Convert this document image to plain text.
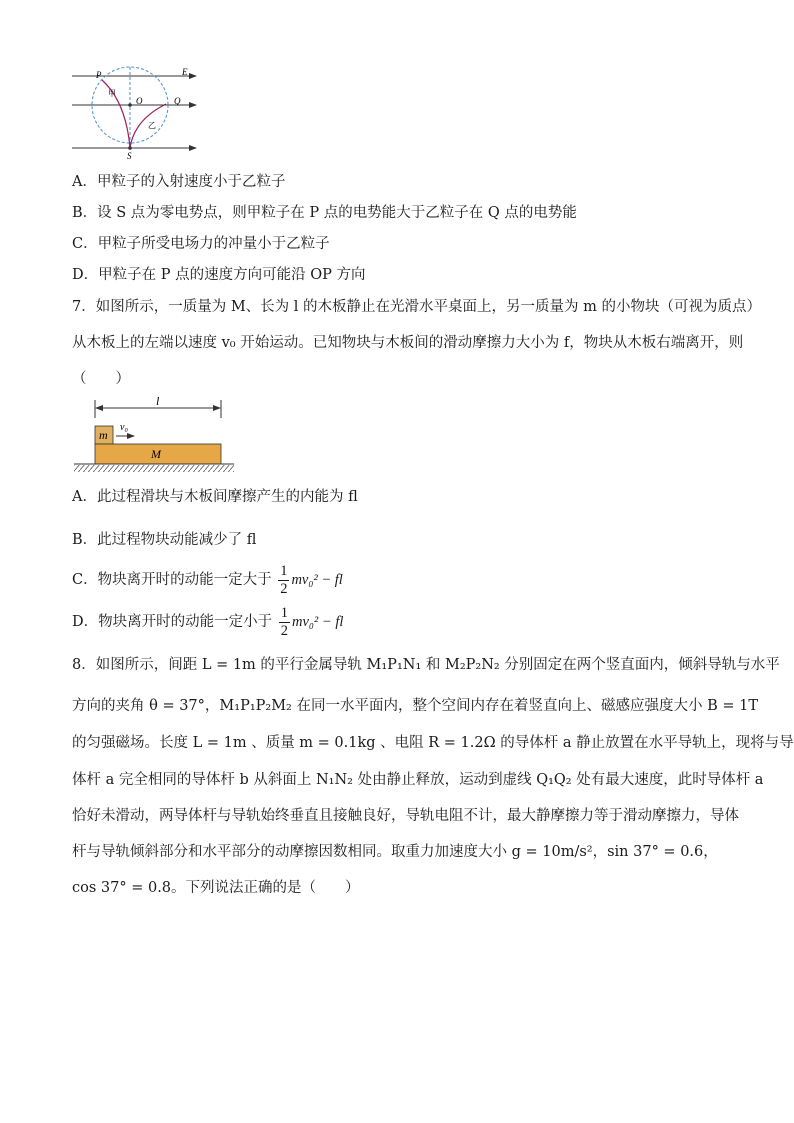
P	E
甲
O	Q
乙
S
A．甲粒子的入射速度小于乙粒子
B．设 S 点为零电势点，则甲粒子在 P 点的电势能大于乙粒子在 Q 点的电势能
C．甲粒子所受电场力的冲量小于乙粒子
D．甲粒子在 P 点的速度方向可能沿 OP 方向
7．如图所示，一质量为 M、长为 l 的木板静止在光滑水平桌面上，另一质量为 m 的小物块（可视为质点）
从木板上的左端以速度 v₀ 开始运动。已知物块与木板间的滑动摩擦力大小为 f，物块从木板右端离开，则
（　　）
l
m
v₀
M
A．此过程滑块与木板间摩擦产生的内能为 fl
B．此过程物块动能减少了 fl
C．物块离开时的动能一定大于 $\frac{1}{2} mv_0^2$ − fl
D．物块离开时的动能一定小于 $\frac{1}{2} mv_0^2$ − fl
8．如图所示，间距 L = 1m 的平行金属导轨 M₁P₁N₁ 和 M₂P₂N₂ 分别固定在两个竖直面内，倾斜导轨与水平
方向的夹角 θ = 37°，M₁P₁P₂M₂ 在同一水平面内，整个空间内存在着竖直向上、磁感应强度大小 B = 1T
的匀强磁场。长度 L = 1m 、质量 m = 0.1kg 、电阻 R = 1.2Ω 的导体杆 a 静止放置在水平导轨上，现将与导
体杆 a 完全相同的导体杆 b 从斜面上 N₁N₂ 处由静止释放，运动到虚线 Q₁Q₂ 处有最大速度，此时导体杆 a
恰好未滑动，两导体杆与导轨始终垂直且接触良好，导轨电阻不计，最大静摩擦力等于滑动摩擦力，导体
杆与导轨倾斜部分和水平部分的动摩擦因数相同。取重力加速度大小 g = 10m/s²，sin 37° = 0.6，
cos 37° = 0.8。下列说法正确的是（　　）
